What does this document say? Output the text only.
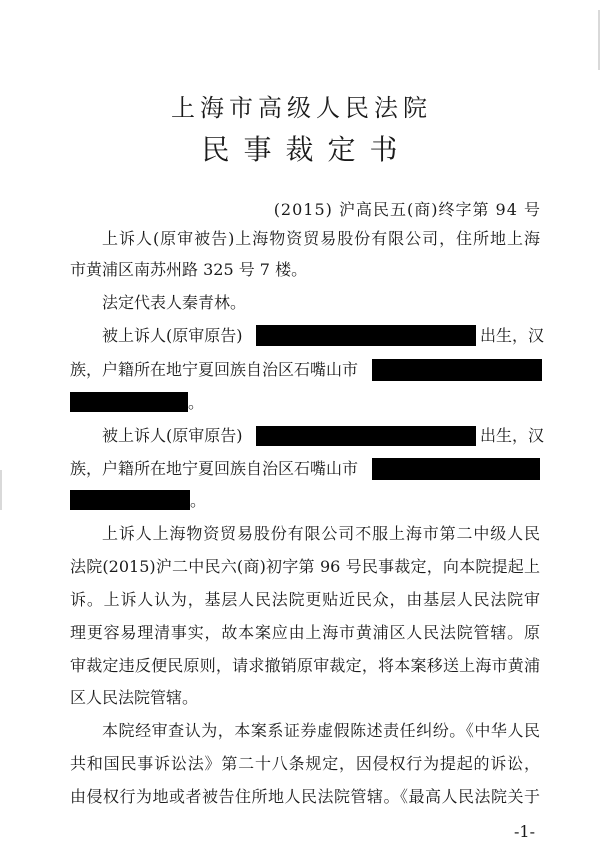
上海市高级人民法院
民事裁定书
(2015) 沪高民五(商)终字第 94 号
上诉人(原审被告)上海物资贸易股份有限公司，住所地上海
市黄浦区南苏州路 325 号 7 楼。
法定代表人秦青林。
被上诉人(原审原告)	出生，汉
族，户籍所在地宁夏回族自治区石嘴山市
。
被上诉人(原审原告)	出生，汉
族，户籍所在地宁夏回族自治区石嘴山市
。
上诉人上海物资贸易股份有限公司不服上海市第二中级人民
法院(2015)沪二中民六(商)初字第 96 号民事裁定，向本院提起上
诉。上诉人认为，基层人民法院更贴近民众，由基层人民法院审
理更容易理清事实，故本案应由上海市黄浦区人民法院管辖。原
审裁定违反便民原则，请求撤销原审裁定，将本案移送上海市黄浦
区人民法院管辖。
本院经审查认为，本案系证券虚假陈述责任纠纷。《中华人民
共和国民事诉讼法》第二十八条规定，因侵权行为提起的诉讼，
由侵权行为地或者被告住所地人民法院管辖。《最高人民法院关于
-1-
